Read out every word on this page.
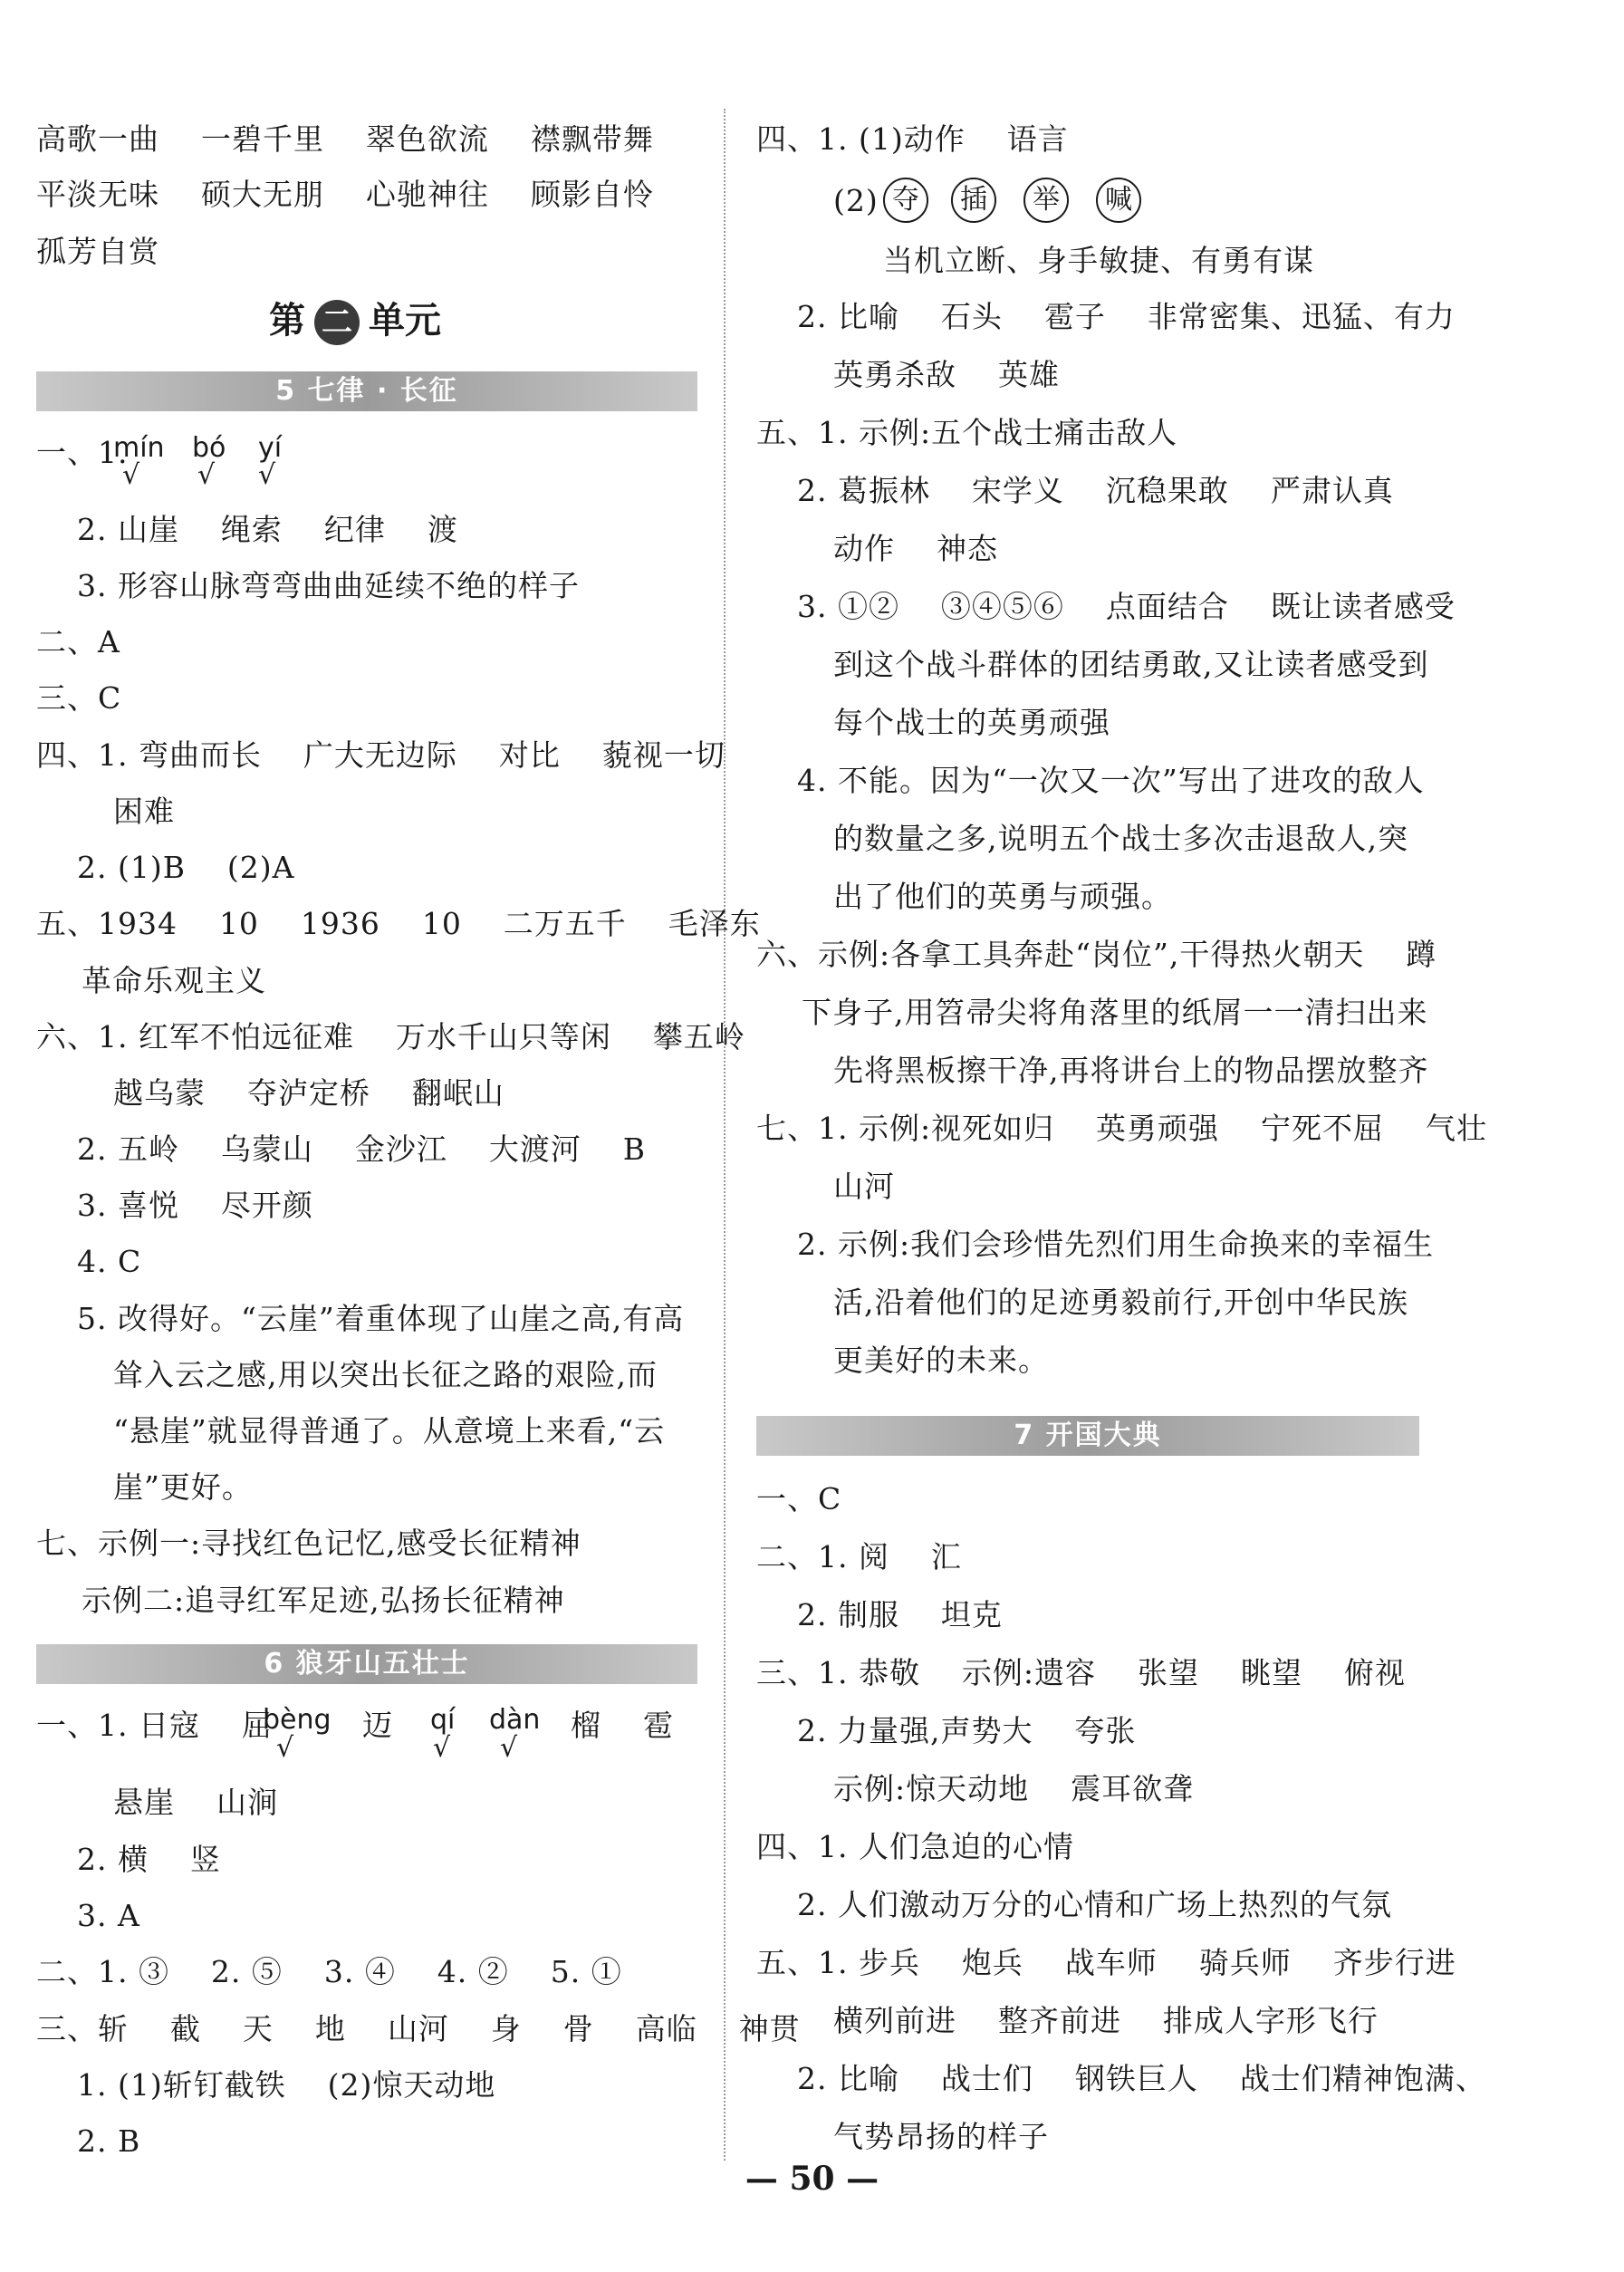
高歌一曲    一碧千里    翠色欲流    襟飘带舞
平淡无味    硕大无朋    心驰神往    顾影自怜
孤芳自赏
第 二 单元
5 七律 · 长征
一、1.
mín bó yí
√ √ √
2. 山崖    绳索    纪律    渡
3. 形容山脉弯弯曲曲延续不绝的样子
二、A
三、C
四、1. 弯曲而长    广大无边际    对比    藐视一切
困难
2. (1)B    (2)A
五、1934    10    1936    10    二万五千    毛泽东
革命乐观主义
六、1. 红军不怕远征难    万水千山只等闲    攀五岭
越乌蒙    夺泸定桥    翻岷山
2. 五岭    乌蒙山    金沙江    大渡河    B
3. 喜悦    尽开颜
4. C
5. 改得好。“云崖”着重体现了山崖之高,有高
耸入云之感,用以突出长征之路的艰险,而
“悬崖”就显得普通了。从意境上来看,“云
崖”更好。
七、示例一:寻找红色记忆,感受长征精神
示例二:追寻红军足迹,弘扬长征精神
6 狼牙山五壮士
一、1. 日寇    屈
bèng 迈 qí dàn 榴    雹
√	√ √
悬崖    山涧
2. 横    竖
3. A
二、1. ③    2. ⑤    3. ④    4. ②    5. ①
三、斩    截    天    地    山河    身    骨    高临    神贯
1. (1)斩钉截铁    (2)惊天动地
2. B
四、1. (1)动作    语言
(2) 夺	插	举	喊
当机立断、身手敏捷、有勇有谋
2. 比喻    石头    雹子    非常密集、迅猛、有力
英勇杀敌    英雄
五、1. 示例:五个战士痛击敌人
2. 葛振林    宋学义    沉稳果敢    严肃认真
动作    神态
3. ①②    ③④⑤⑥    点面结合    既让读者感受
到这个战斗群体的团结勇敢,又让读者感受到
每个战士的英勇顽强
4. 不能。因为“一次又一次”写出了进攻的敌人
的数量之多,说明五个战士多次击退敌人,突
出了他们的英勇与顽强。
六、示例:各拿工具奔赴“岗位”,干得热火朝天    蹲
下身子,用笤帚尖将角落里的纸屑一一清扫出来
先将黑板擦干净,再将讲台上的物品摆放整齐
七、1. 示例:视死如归    英勇顽强    宁死不屈    气壮
山河
2. 示例:我们会珍惜先烈们用生命换来的幸福生
活,沿着他们的足迹勇毅前行,开创中华民族
更美好的未来。
7 开国大典
一、C
二、1. 阅    汇
2. 制服    坦克
三、1. 恭敬    示例:遗容    张望    眺望    俯视
2. 力量强,声势大    夸张
示例:惊天动地    震耳欲聋
四、1. 人们急迫的心情
2. 人们激动万分的心情和广场上热烈的气氛
五、1. 步兵    炮兵    战车师    骑兵师    齐步行进
横列前进    整齐前进    排成人字形飞行
2. 比喻    战士们    钢铁巨人    战士们精神饱满、
气势昂扬的样子
— 50 —
